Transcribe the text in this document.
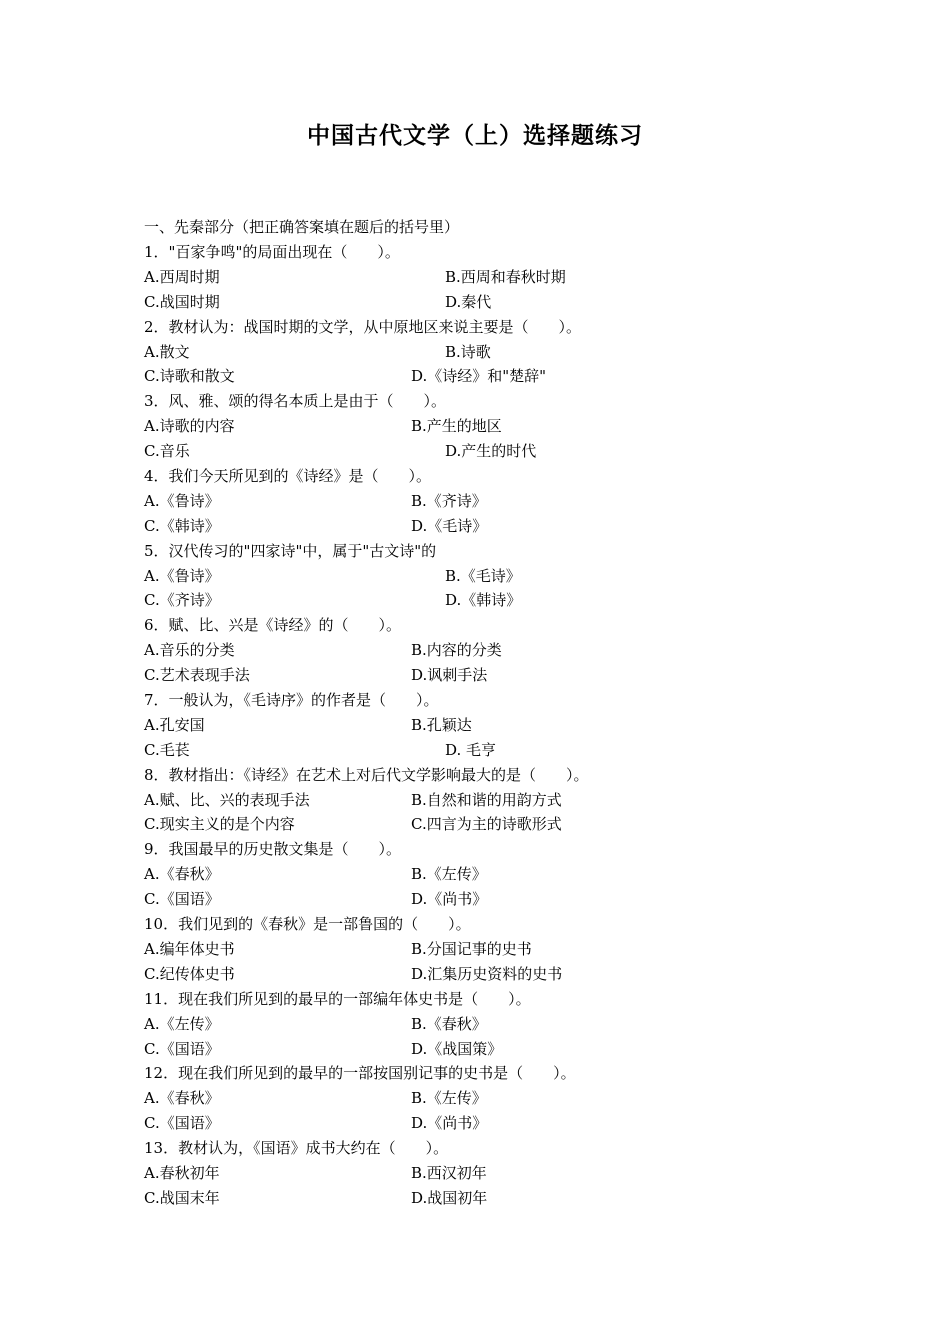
中国古代文学（上）选择题练习

一、先秦部分（把正确答案填在题后的括号里）

1．"百家争鸣"的局面出现在（　　）。
A.西周时期	B.西周和春秋时期
C.战国时期	D.秦代
2．教材认为：战国时期的文学，从中原地区来说主要是（　　）。
A.散文	B.诗歌
C.诗歌和散文	D.《诗经》和"楚辞"
3．风、雅、颂的得名本质上是由于（　　）。
A.诗歌的内容	B.产生的地区
C.音乐	D.产生的时代
4．我们今天所见到的《诗经》是（　　）。
A.《鲁诗》	B.《齐诗》
C.《韩诗》	D.《毛诗》
5．汉代传习的"四家诗"中，属于"古文诗"的
A.《鲁诗》	B.《毛诗》
C.《齐诗》	D.《韩诗》
6．赋、比、兴是《诗经》的（　　）。
A.音乐的分类	B.内容的分类
C.艺术表现手法	D.讽刺手法
7．一般认为，《毛诗序》的作者是（　　）。
A.孔安国	B.孔颖达
C.毛苌	D. 毛亨
8．教材指出：《诗经》在艺术上对后代文学影响最大的是（　　）。
A.赋、比、兴的表现手法	B.自然和谐的用韵方式
C.现实主义的是个内容	C.四言为主的诗歌形式
9．我国最早的历史散文集是（　　）。
A.《春秋》	B.《左传》
C.《国语》	D.《尚书》
10．我们见到的《春秋》是一部鲁国的（　　）。
A.编年体史书	B.分国记事的史书
C.纪传体史书	D.汇集历史资料的史书
11．现在我们所见到的最早的一部编年体史书是（　　）。
A.《左传》	B.《春秋》
C.《国语》	D.《战国策》
12．现在我们所见到的最早的一部按国别记事的史书是（　　）。
A.《春秋》	B.《左传》
C.《国语》	D.《尚书》
13．教材认为，《国语》成书大约在（　　）。
A.春秋初年	B.西汉初年
C.战国末年	D.战国初年
